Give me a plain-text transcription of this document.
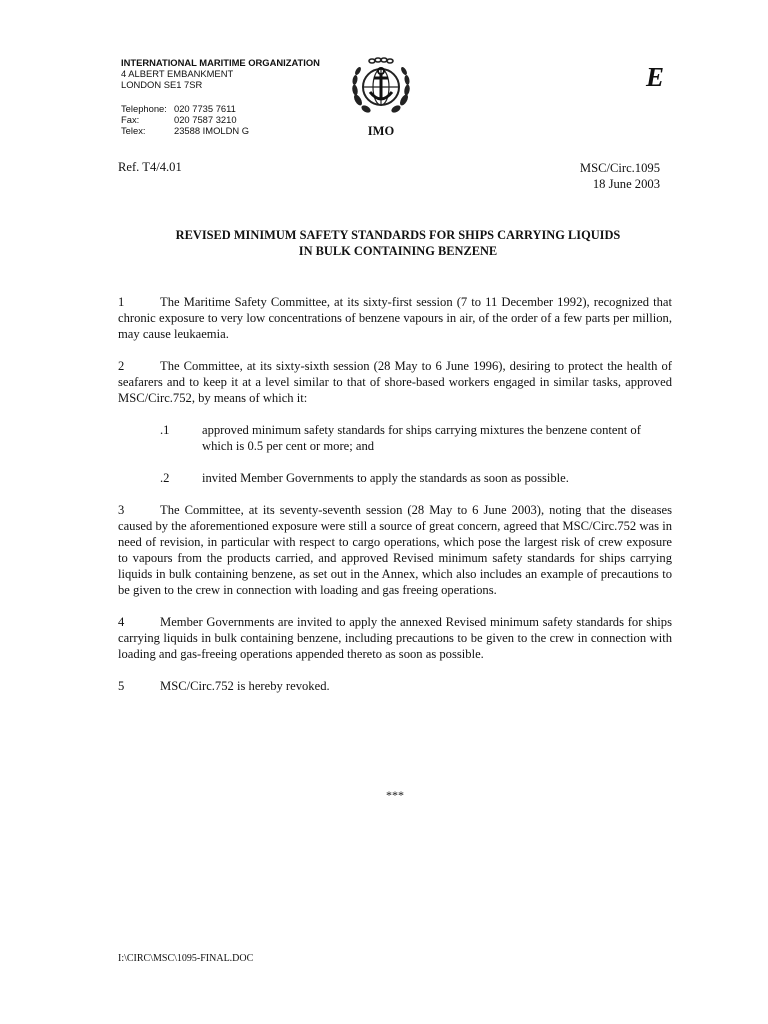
INTERNATIONAL MARITIME ORGANIZATION
4 ALBERT EMBANKMENT
LONDON SE1 7SR
Telephone: 020 7735 7611
Fax:	020 7587 3210
Telex:	23588 IMOLDN G	IMO
E
Ref. T4/4.01	MSC/Circ.1095
18 June 2003
REVISED MINIMUM SAFETY STANDARDS FOR SHIPS CARRYING LIQUIDS
IN BULK CONTAINING BENZENE

1	The Maritime Safety Committee, at its sixty-first session (7 to 11 December 1992), recognized that chronic exposure to very low concentrations of benzene vapours in air, of the order of a few parts per million, may cause leukaemia.

2	The Committee, at its sixty-sixth session (28 May to 6 June 1996), desiring to protect the health of seafarers and to keep it at a level similar to that of shore-based workers engaged in similar tasks, approved MSC/Circ.752, by means of which it:

.1	approved minimum safety standards for ships carrying mixtures the benzene content of which is 0.5 per cent or more; and
.2	invited Member Governments to apply the standards as soon as possible.

3	The Committee, at its seventy-seventh session (28 May to 6 June 2003), noting that the diseases caused by the aforementioned exposure were still a source of great concern, agreed that MSC/Circ.752 was in need of revision, in particular with respect to cargo operations, which pose the largest risk of crew exposure to vapours from the products carried, and approved Revised minimum safety standards for ships carrying liquids in bulk containing benzene, as set out in the Annex, which also includes an example of precautions to be given to the crew in connection with loading and gas freeing operations.

4	Member Governments are invited to apply the annexed Revised minimum safety standards for ships carrying liquids in bulk containing benzene, including precautions to be given to the crew in connection with loading and gas-freeing operations appended thereto as soon as possible.

5	MSC/Circ.752 is hereby revoked.

***
I:\CIRC\MSC\1095-FINAL.DOC
